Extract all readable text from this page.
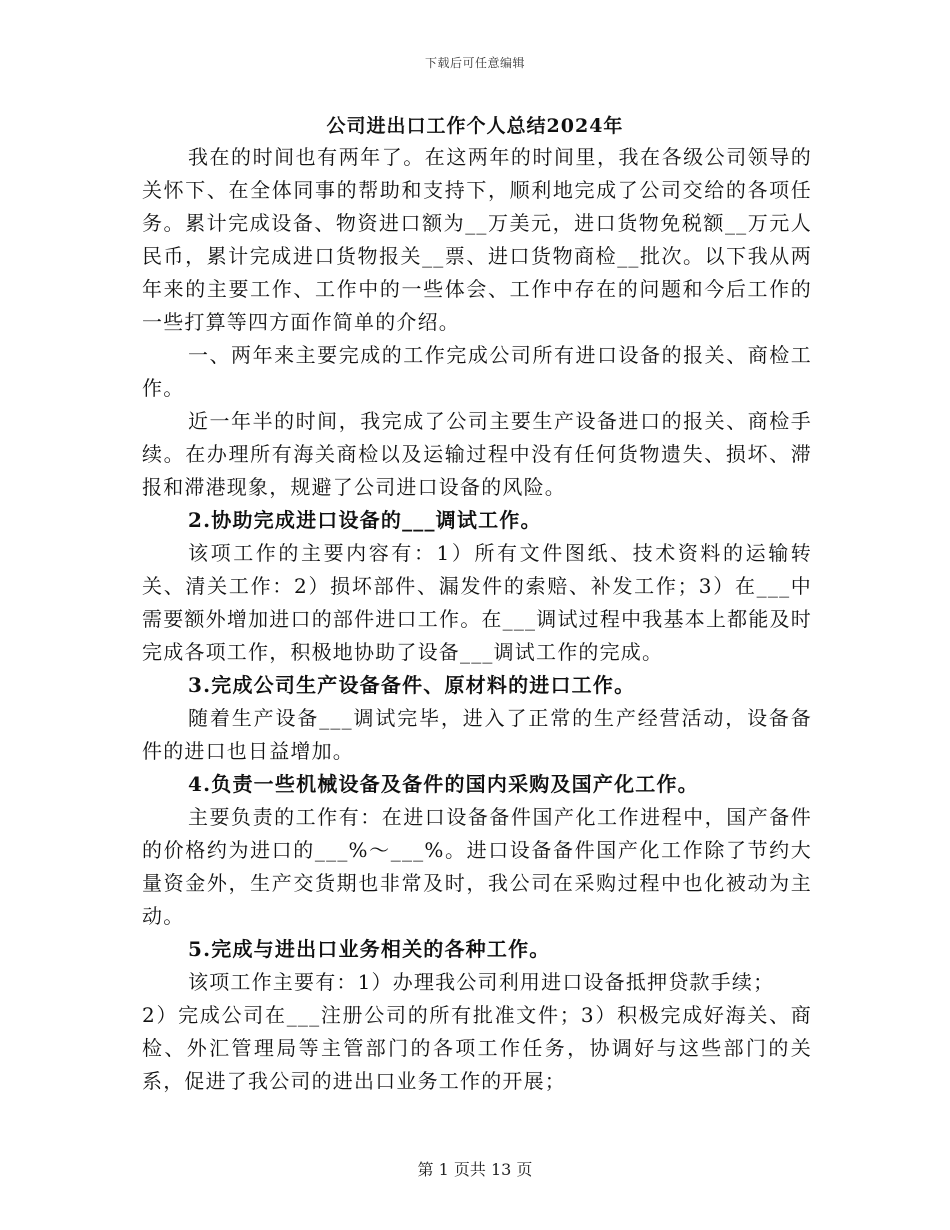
下载后可任意编辑
公司进出口工作个人总结2024年

我在的时间也有两年了。在这两年的时间里，我在各级公司领导的关怀下、在全体同事的帮助和支持下，顺利地完成了公司交给的各项任务。累计完成设备、物资进口额为__万美元，进口货物免税额__万元人民币，累计完成进口货物报关__票、进口货物商检__批次。以下我从两年来的主要工作、工作中的一些体会、工作中存在的问题和今后工作的一些打算等四方面作简单的介绍。

一、两年来主要完成的工作完成公司所有进口设备的报关、商检工作。

近一年半的时间，我完成了公司主要生产设备进口的报关、商检手续。在办理所有海关商检以及运输过程中没有任何货物遗失、损坏、滞报和滞港现象，规避了公司进口设备的风险。

2.协助完成进口设备的___调试工作。

该项工作的主要内容有：1）所有文件图纸、技术资料的运输转关、清关工作：2）损坏部件、漏发件的索赔、补发工作；3）在___中需要额外增加进口的部件进口工作。在___调试过程中我基本上都能及时完成各项工作，积极地协助了设备___调试工作的完成。

3.完成公司生产设备备件、原材料的进口工作。

随着生产设备___调试完毕，进入了正常的生产经营活动，设备备件的进口也日益增加。

4.负责一些机械设备及备件的国内采购及国产化工作。

主要负责的工作有：在进口设备备件国产化工作进程中，国产备件的价格约为进口的___%～___%。进口设备备件国产化工作除了节约大量资金外，生产交货期也非常及时，我公司在采购过程中也化被动为主动。

5.完成与进出口业务相关的各种工作。

该项工作主要有：1）办理我公司利用进口设备抵押贷款手续；

2）完成公司在___注册公司的所有批准文件；3）积极完成好海关、商检、外汇管理局等主管部门的各项工作任务，协调好与这些部门的关系，促进了我公司的进出口业务工作的开展；

第 1 页共 13 页
